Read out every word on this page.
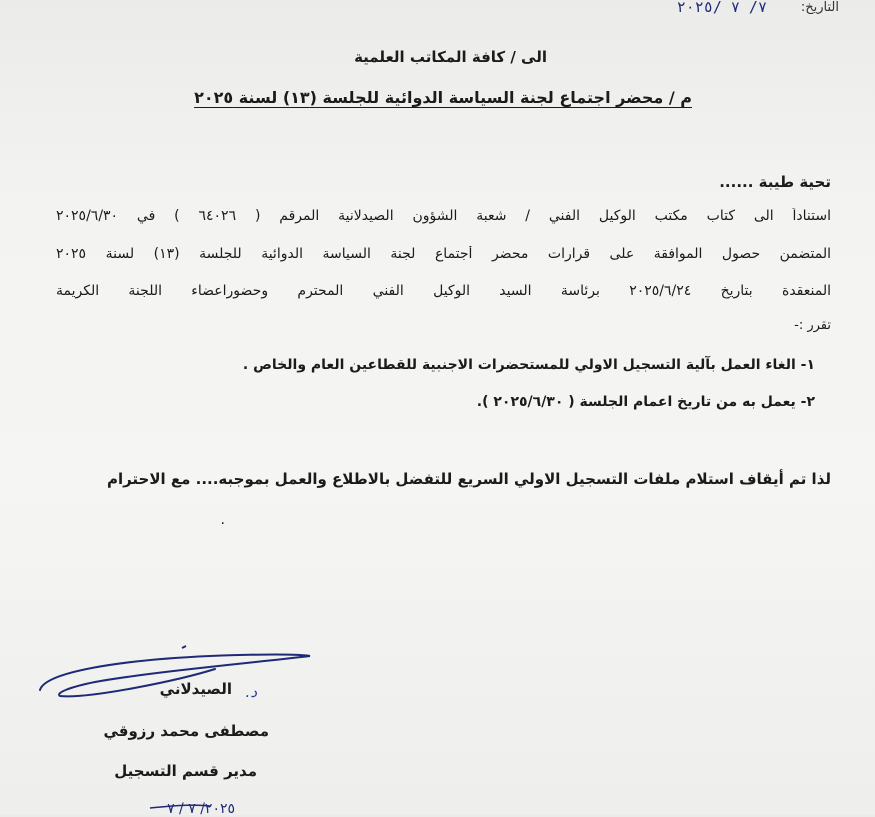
التاريخ:
٧/ ٧ /٢٠٢٥
الى / كافة المكاتب العلمية
م / محضر اجتماع لجنة السياسة الدوائية للجلسة (١٣) لسنة ٢٠٢٥
تحية طيبة ......
استناداً الى كتاب مكتب الوكيل الفني / شعبة الشؤون الصيدلانية المرقم ( ٦٤٠٢٦ ) في ٢٠٢٥/٦/٣٠
المتضمن حصول الموافقة على قرارات محضر أجتماع لجنة السياسة الدوائية للجلسة (١٣) لسنة ٢٠٢٥
المنعقدة بتاريخ ٢٠٢٥/٦/٢٤ برئاسة السيد الوكيل الفني المحترم وحضوراعضاء اللجنة الكريمة
تقرر :-
١- الغاء العمل بآلية التسجيل الاولي للمستحضرات الاجنبية للقطاعين العام والخاص .
٢- يعمل به من تاريخ اعمام الجلسة ( ٢٠٢٥/٦/٣٠ ).
لذا تم أيقاف استلام ملفات التسجيل الاولي السريع للتفضل بالاطلاع والعمل بموجبه.... مع الاحترام
.
د.
الصيدلاني
مصطفى محمد رزوقي
مدير قسم التسجيل
٢٠٢٥/ ٧ / ٧
